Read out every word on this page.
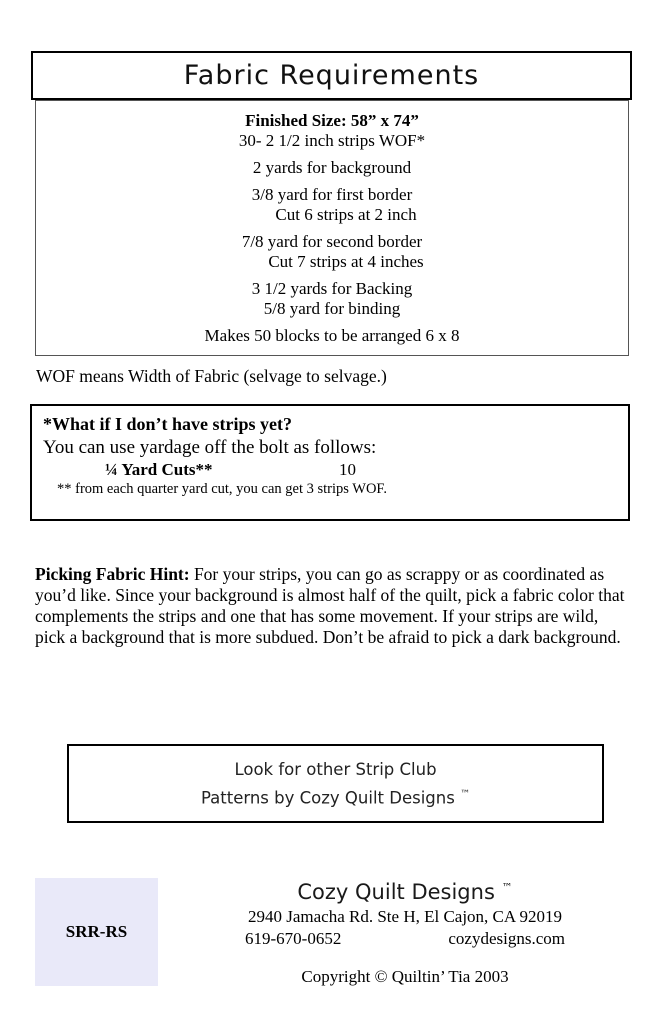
Fabric Requirements
Finished Size: 58” x 74”
30- 2 1/2 inch strips WOF*
2 yards for background
3/8 yard for first border
Cut 6 strips at 2 inch
7/8 yard for second border
Cut 7 strips at 4 inches
3 1/2 yards for Backing
5/8 yard for binding
Makes 50 blocks to be arranged 6 x 8

WOF means Width of Fabric (selvage to selvage.)

*What if I don’t have strips yet?

You can use yardage off the bolt as follows:

¼ Yard Cuts**	10

** from each quarter yard cut, you can get 3 strips WOF.

Picking Fabric Hint: For your strips, you can go as scrappy or as coordinated as you’d like. Since your background is almost half of the quilt, pick a fabric color that complements the strips and one that has some movement. If your strips are wild, pick a background that is more subdued. Don’t be afraid to pick a dark background.

Look for other Strip Club
Patterns by Cozy Quilt Designs ™
SRR-RS
Cozy Quilt Designs ™
2940 Jamacha Rd. Ste H, El Cajon, CA 92019
619-670-0652	cozydesigns.com
Copyright © Quiltin’ Tia 2003
